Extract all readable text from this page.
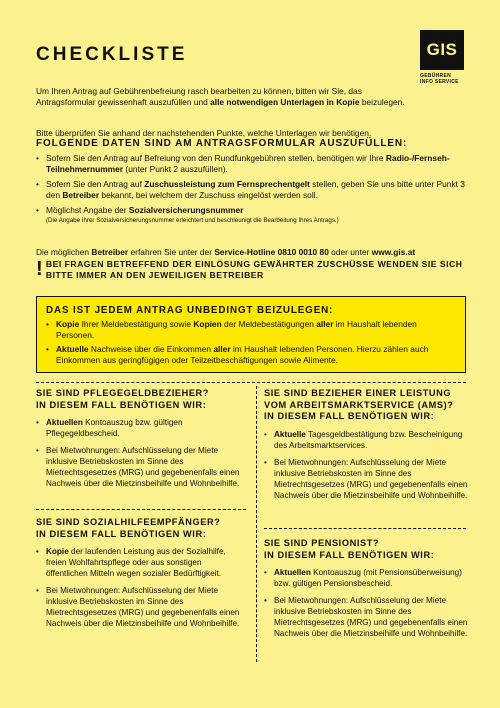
CHECKLISTE	GIS
GEBÜHREN
INFO SERVICE
Um Ihren Antrag auf Gebührenbefreiung rasch bearbeiten zu können, bitten wir Sie, das Antragsformular gewissenhaft auszufüllen und alle notwendigen Unterlagen in Kopie beizulegen.
Bitte überprüfen Sie anhand der nachstehenden Punkte, welche Unterlagen wir benötigen.
FOLGENDE DATEN SIND AM ANTRAGSFORMULAR AUSZUFÜLLEN:
• Sofern Sie den Antrag auf Befreiung von den Rundfunkgebühren stellen, benötigen wir Ihre Radio-/Fernseh-Teilnehmernummer (unter Punkt 2 auszufüllen).
• Sofern Sie den Antrag auf Zuschussleistung zum Fernsprechentgelt stellen, geben Sie uns bitte unter Punkt 3 den Betreiber bekannt, bei welchem der Zuschuss eingelöst werden soll.
• Möglichst Angabe der Sozialversicherungsnummer
(Die Angabe Ihrer Sozialversicherungsnummer erleichtert und beschleunigt die Bearbeitung Ihres Antrags.)
Die möglichen Betreiber erfahren Sie unter der Service-Hotline 0810 0010 80 oder unter www.gis.at
! BEI FRAGEN BETREFFEND DER EINLÖSUNG GEWÄHRTER ZUSCHÜSSE WENDEN SIE SICH BITTE IMMER AN DEN JEWEILIGEN BETREIBER
DAS IST JEDEM ANTRAG UNBEDINGT BEIZULEGEN:
• Kopie Ihrer Meldebestätigung sowie Kopien der Meldebestätigungen aller im Haushalt lebenden Personen.
• Aktuelle Nachweise über die Einkommen aller im Haushalt lebenden Personen. Hierzu zählen auch Einkommen aus geringfügigen oder Teilzeitbeschäftigungen sowie Alimente.
SIE SIND PFLEGEGELDBEZIEHER?
IN DIESEM FALL BENÖTIGEN WIR:
• Aktuellen Kontoauszug bzw. gültigen Pflegegeldbescheid.
• Bei Mietwohnungen: Aufschlüsselung der Miete inklusive Betriebskosten im Sinne des Mietrechtsgesetzes (MRG) und gegebenenfalls einen Nachweis über die Mietzinsbeihilfe und Wohnbeihilfe.
SIE SIND SOZIALHILFEEMPFÄNGER?
IN DIESEM FALL BENÖTIGEN WIR:
• Kopie der laufenden Leistung aus der Sozialhilfe, freien Wohlfahrtspflege oder aus sonstigen öffentlichen Mitteln wegen sozialer Bedürftigkeit.
• Bei Mietwohnungen: Aufschlüsselung der Miete inklusive Betriebskosten im Sinne des Mietrechtsgesetzes (MRG) und gegebenenfalls einen Nachweis über die Mietzinsbeihilfe und Wohnbeihilfe.
SIE SIND BEZIEHER EINER LEISTUNG
VOM ARBEITSMARKTSERVICE (AMS)?
IN DIESEM FALL BENÖTIGEN WIR:
• Aktuelle Tagesgeldbestätigung bzw. Bescheinigung des Arbeitsmarktservices.
• Bei Mietwohnungen: Aufschlüsselung der Miete inklusive Betriebskosten im Sinne des Mietrechtsgesetzes (MRG) und gegebenenfalls einen Nachweis über die Mietzinsbeihilfe und Wohnbeihilfe.
SIE SIND PENSIONIST?
IN DIESEM FALL BENÖTIGEN WIR:
• Aktuellen Kontoauszug (mit Pensionsüberweisung) bzw. gültigen Pensionsbescheid.
• Bei Mietwohnungen: Aufschlüsselung der Miete inklusive Betriebskosten im Sinne des Mietrechtsgesetzes (MRG) und gegebenenfalls einen Nachweis über die Mietzinsbeihilfe und Wohnbeihilfe.
